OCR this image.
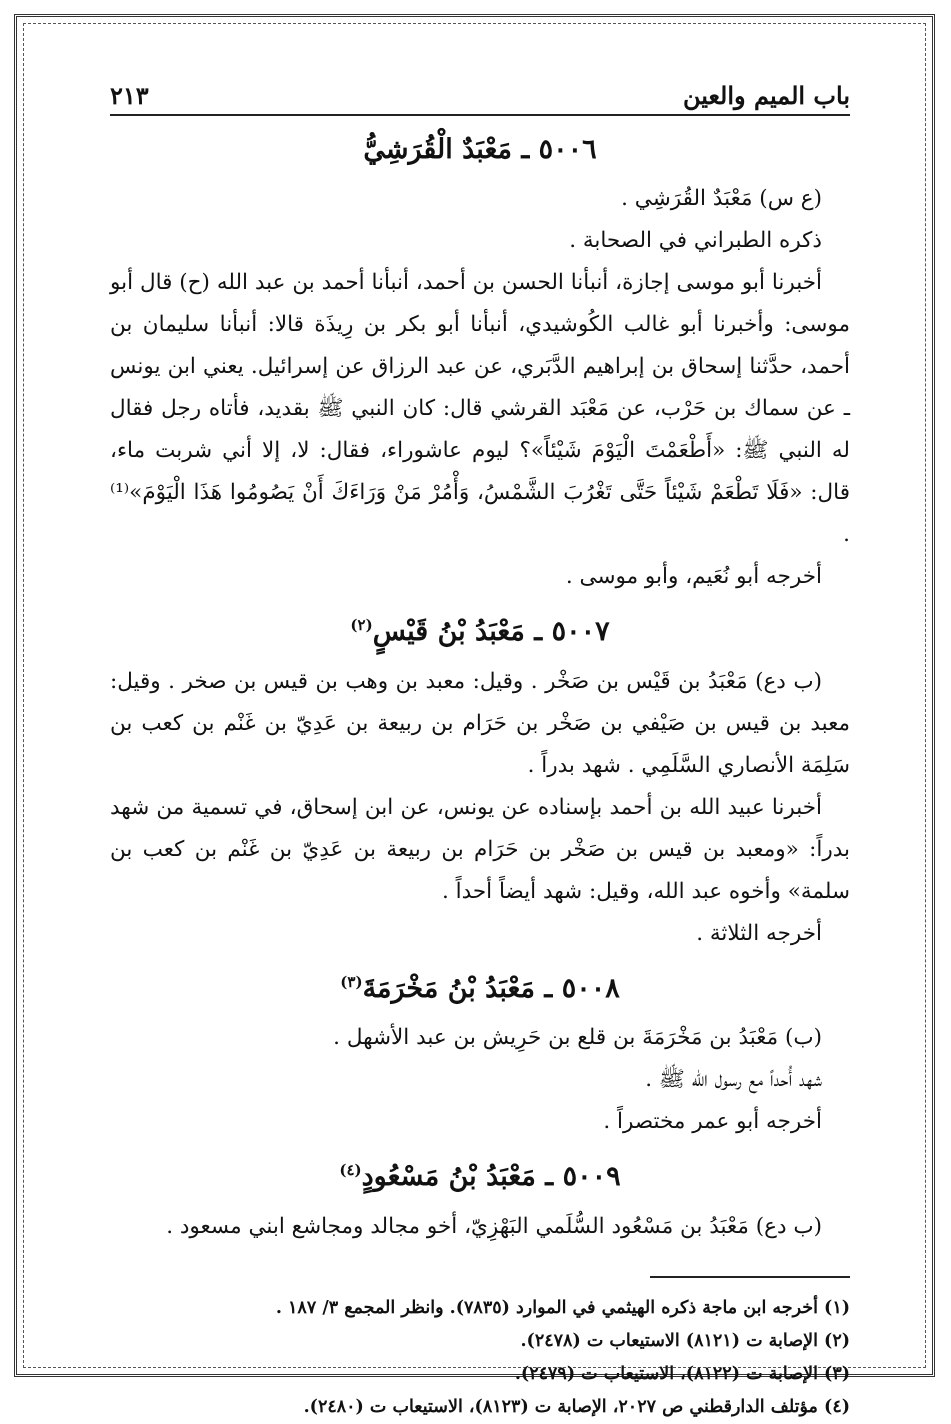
باب الميم والعين
٢١٣
٥٠٠٦ ـ مَعْبَدٌ الْقُرَشِيُّ

(ع س) مَعْبَدٌ القُرَشِي .

ذكره الطبراني في الصحابة .

أخبرنا أبو موسى إجازة، أنبأنا الحسن بن أحمد، أنبأنا أحمد بن عبد الله (ح) قال أبو موسى: وأخبرنا أبو غالب الكُوشيدي، أنبأنا أبو بكر بن رِيذَة قالا: أنبأنا سليمان بن أحمد، حدَّثنا إسحاق بن إبراهيم الدَّبَري، عن عبد الرزاق عن إسرائيل. يعني ابن يونس ـ عن سماك بن حَرْب، عن مَعْبَد القرشي قال: كان النبي ﷺ بقديد، فأتاه رجل فقال له النبي ﷺ: «أَطْعَمْتَ الْيَوْمَ شَيْئاً»؟ ليوم عاشوراء، فقال: لا، إلا أني شربت ماء، قال: «فَلَا تَطْعَمْ شَيْئاً حَتَّى تَغْرُبَ الشَّمْسُ، وَأْمُرْ مَنْ وَرَاءَكَ أَنْ يَصُومُوا هَذَا الْيَوْمَ»⁽¹⁾ .

أخرجه أبو نُعَيم، وأبو موسى .

٥٠٠٧ ـ مَعْبَدُ بْنُ قَيْسٍ$^{(٢)}$

(ب دع) مَعْبَدُ بن قَيْس بن صَخْر . وقيل: معبد بن وهب بن قيس بن صخر . وقيل: معبد بن قيس بن صَيْفي بن صَخْر بن حَرَام بن ربيعة بن عَدِيّ بن غَنْم بن كعب بن سَلِمَة الأنصاري السَّلَمِي . شهد بدراً .

أخبرنا عبيد الله بن أحمد بإسناده عن يونس، عن ابن إسحاق، في تسمية من شهد بدراً: «ومعبد بن قيس بن صَخْر بن حَرَام بن ربيعة بن عَدِيّ بن غَنْم بن كعب بن سلمة» وأخوه عبد الله، وقيل: شهد أيضاً أحداً .

أخرجه الثلاثة .

٥٠٠٨ ـ مَعْبَدُ بْنُ مَخْرَمَةَ$^{(٣)}$

(ب) مَعْبَدُ بن مَخْرَمَةَ بن قلع بن حَرِيش بن عبد الأشهل .

شهد أُحداً مع رسول الله ﷺ .

أخرجه أبو عمر مختصراً .

٥٠٠٩ ـ مَعْبَدُ بْنُ مَسْعُودٍ$^{(٤)}$

(ب دع) مَعْبَدُ بن مَسْعُود السُّلَمي البَهْزِيّ، أخو مجالد ومجاشع ابني مسعود .

(١) أخرجه ابن ماجة ذكره الهيثمي في الموارد (٧٨٣٥). وانظر المجمع ٣/ ١٨٧ .

(٢) الإصابة ت (٨١٢١) الاستيعاب ت (٢٤٧٨).

(٣) الإصابة ت (٨١٢٢)، الاستيعاب ت (٢٤٧٩).

(٤) مؤتلف الدارقطني ص ٢٠٢٧، الإصابة ت (٨١٢٣)، الاستيعاب ت (٢٤٨٠).
